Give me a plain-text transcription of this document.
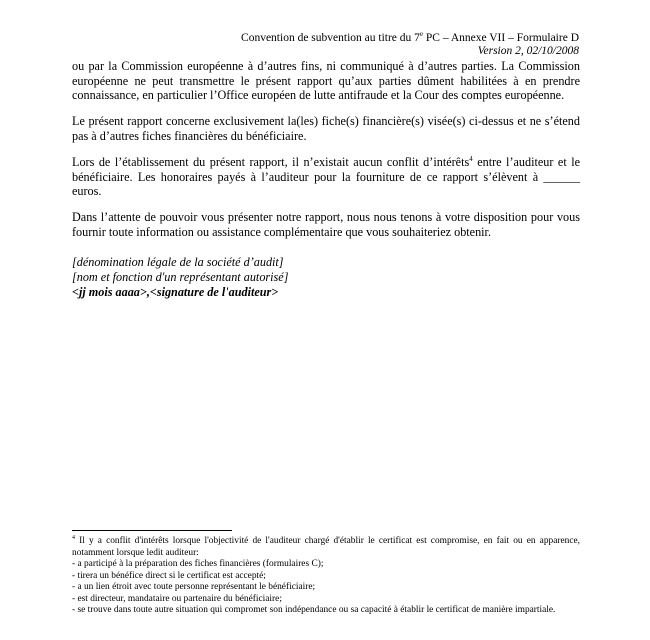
Convention de subvention au titre du 7e PC – Annexe VII – Formulaire D
Version 2, 02/10/2008

ou par la Commission européenne à d’autres fins, ni communiqué à d’autres parties. La Commission européenne ne peut transmettre le présent rapport qu’aux parties dûment habilitées à en prendre connaissance, en particulier l’Office européen de lutte antifraude et la Cour des comptes européenne.

Le présent rapport concerne exclusivement la(les) fiche(s) financière(s) visée(s) ci-dessus et ne s’étend pas à d’autres fiches financières du bénéficiaire.

Lors de l’établissement du présent rapport, il n’existait aucun conflit d’intérêts$^4$ entre l’auditeur et le bénéficiaire. Les honoraires payés à l’auditeur pour la fourniture de ce rapport s’élèvent à ______ euros.

Dans l’attente de pouvoir vous présenter notre rapport, nous nous tenons à votre disposition pour vous fournir toute information ou assistance complémentaire que vous souhaiteriez obtenir.

[dénomination légale de la société d’audit]

[nom et fonction d'un représentant autorisé]

<jj mois aaaa>,<signature de l'auditeur>

$^4$ Il y a conflit d'intérêts lorsque l'objectivité de l'auditeur chargé d'établir le certificat est compromise, en fait ou en apparence, notamment lorsque ledit auditeur:
- a participé à la préparation des fiches financières (formulaires C);
- tirera un bénéfice direct si le certificat est accepté;
- a un lien étroit avec toute personne représentant le bénéficiaire;
- est directeur, mandataire ou partenaire du bénéficiaire;
- se trouve dans toute autre situation qui compromet son indépendance ou sa capacité à établir le certificat de manière impartiale.
